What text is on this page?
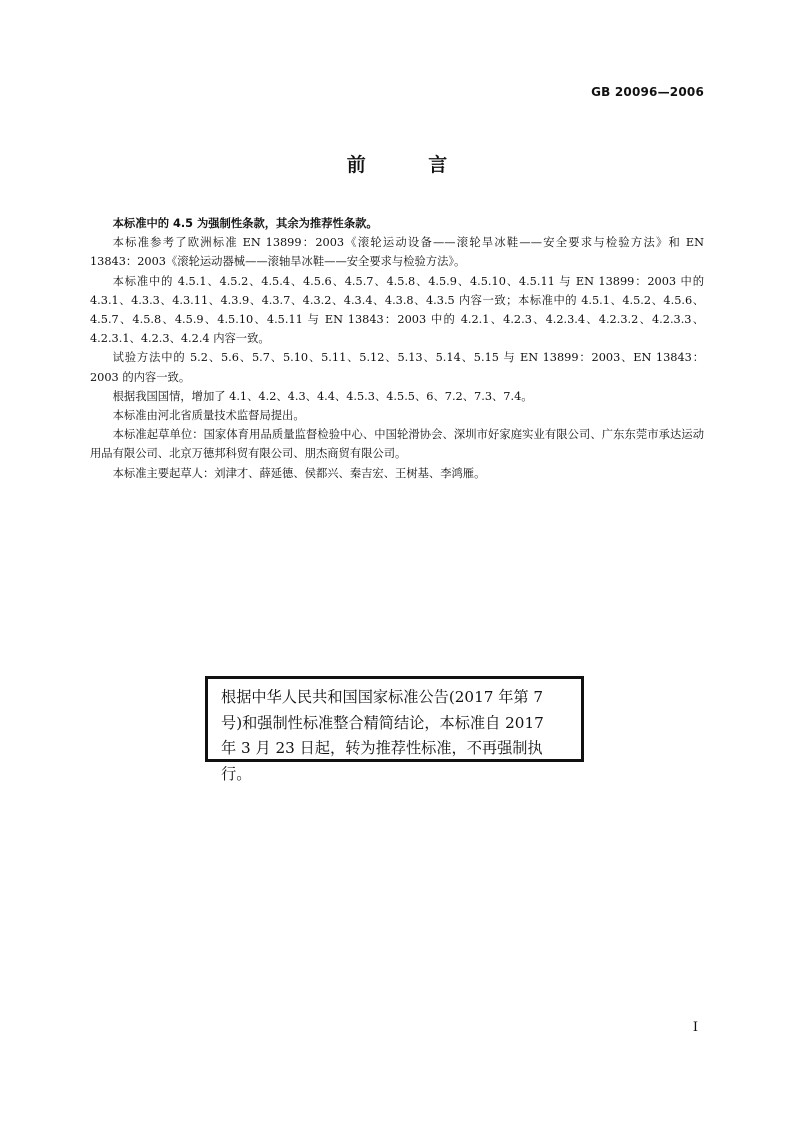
GB 20096—2006
前 言

本标准中的 4.5 为强制性条款，其余为推荐性条款。

本标准参考了欧洲标准 EN 13899：2003《滚轮运动设备——滚轮旱冰鞋——安全要求与检验方法》和 EN 13843：2003《滚轮运动器械——滚轴旱冰鞋——安全要求与检验方法》。

本标准中的 4.5.1、4.5.2、4.5.4、4.5.6、4.5.7、4.5.8、4.5.9、4.5.10、4.5.11 与 EN 13899：2003 中的 4.3.1、4.3.3、4.3.11、4.3.9、4.3.7、4.3.2、4.3.4、4.3.8、4.3.5 内容一致；本标准中的 4.5.1、4.5.2、4.5.6、4.5.7、4.5.8、4.5.9、4.5.10、4.5.11 与 EN 13843：2003 中的 4.2.1、4.2.3、4.2.3.4、4.2.3.2、4.2.3.3、4.2.3.1、4.2.3、4.2.4 内容一致。

试验方法中的 5.2、5.6、5.7、5.10、5.11、5.12、5.13、5.14、5.15 与 EN 13899：2003、EN 13843：2003 的内容一致。

根据我国国情，增加了 4.1、4.2、4.3、4.4、4.5.3、4.5.5、6、7.2、7.3、7.4。

本标准由河北省质量技术监督局提出。

本标准起草单位：国家体育用品质量监督检验中心、中国轮滑协会、深圳市好家庭实业有限公司、广东东莞市承达运动用品有限公司、北京万德邦科贸有限公司、朋杰商贸有限公司。

本标准主要起草人：刘津才、薛延德、侯都兴、秦吉宏、王树基、李鸿雁。

根据中华人民共和国国家标准公告(2017 年第 7

号)和强制性标准整合精简结论，本标准自 2017

年 3 月 23 日起，转为推荐性标准，不再强制执行。

I
